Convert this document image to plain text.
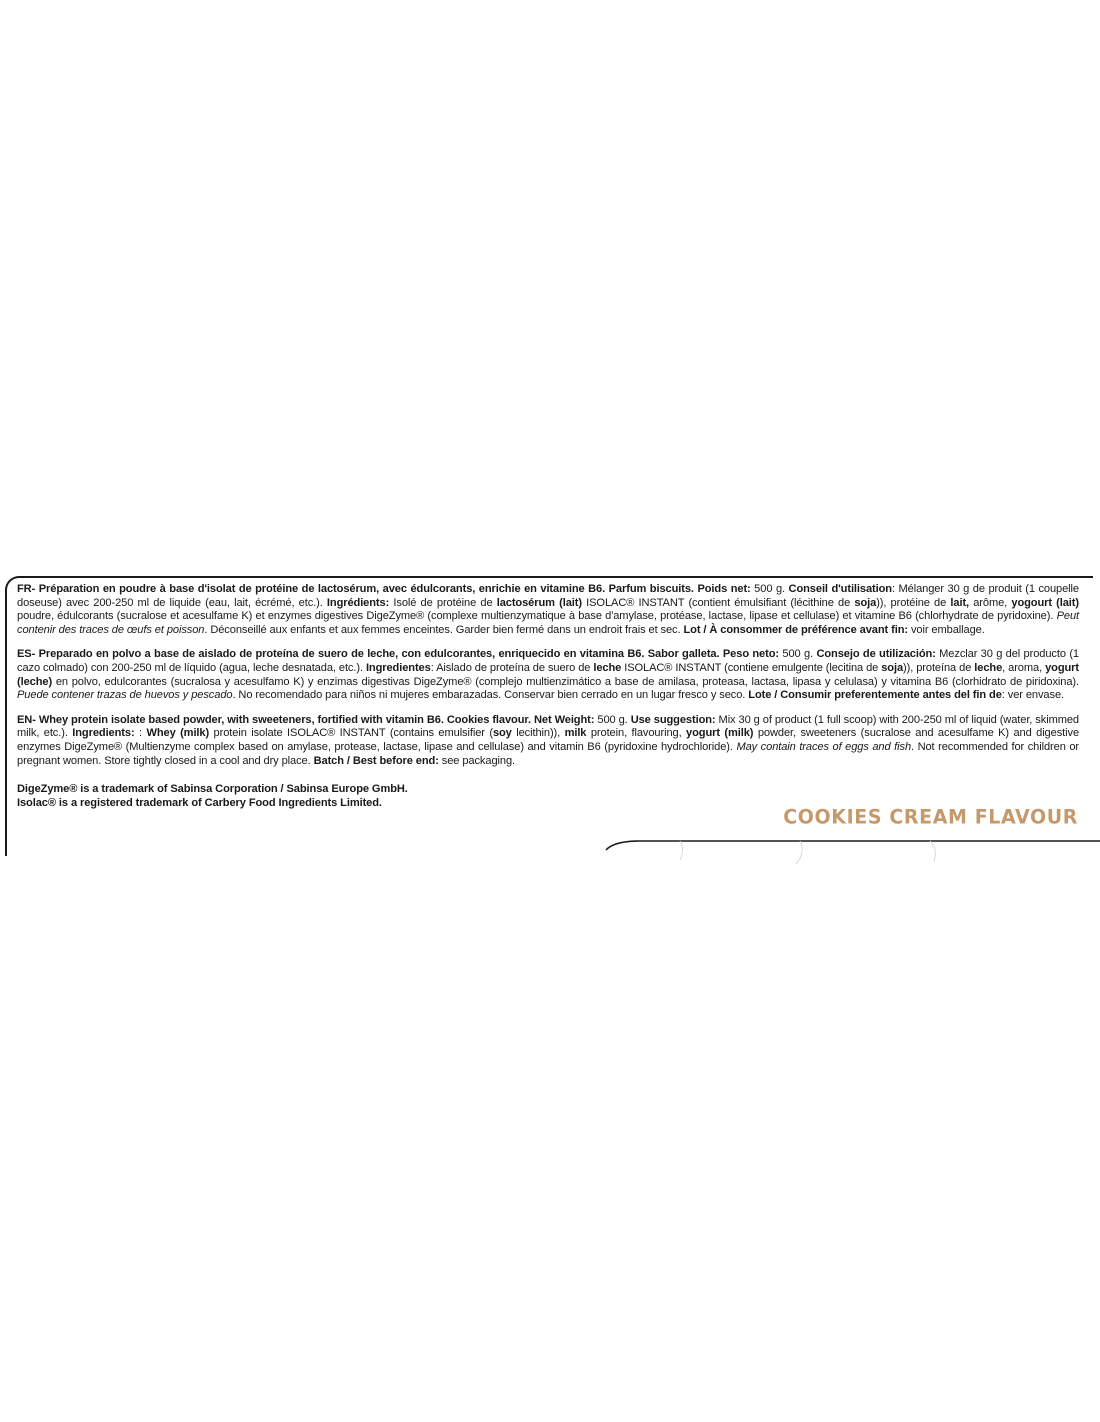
FR- Préparation en poudre à base d'isolat de protéine de lactosérum, avec édulcorants, enrichie en vitamine B6. Parfum biscuits. Poids net: 500 g. Conseil d'utilisation: Mélanger 30 g de produit (1 coupelle doseuse) avec 200-250 ml de liquide (eau, lait, écrémé, etc.). Ingrédients: Isolé de protéine de lactosérum (lait) ISOLAC® INSTANT (contient émulsifiant (lécithine de soja)), protéine de lait, arôme, yogourt (lait) poudre, édulcorants (sucralose et acesulfame K) et enzymes digestives DigeZyme® (complexe multienzymatique à base d'amylase, protéase, lactase, lipase et cellulase) et vitamine B6 (chlorhydrate de pyridoxine). Peut contenir des traces de œufs et poisson. Déconseillé aux enfants et aux femmes enceintes. Garder bien fermé dans un endroit frais et sec. Lot / À consommer de préférence avant fin: voir emballage.

ES- Preparado en polvo a base de aislado de proteína de suero de leche, con edulcorantes, enriquecido en vitamina B6. Sabor galleta. Peso neto: 500 g. Consejo de utilización: Mezclar 30 g del producto (1 cazo colmado) con 200-250 ml de líquido (agua, leche desnatada, etc.). Ingredientes: Aislado de proteína de suero de leche ISOLAC® INSTANT (contiene emulgente (lecitina de soja)), proteína de leche, aroma, yogurt (leche) en polvo, edulcorantes (sucralosa y acesulfamo K) y enzimas digestivas DigeZyme® (complejo multienzimático a base de amilasa, proteasa, lactasa, lipasa y celulasa) y vitamina B6 (clorhidrato de piridoxina). Puede contener trazas de huevos y pescado. No recomendado para niños ni mujeres embarazadas. Conservar bien cerrado en un lugar fresco y seco. Lote / Consumir preferentemente antes del fin de: ver envase.

EN- Whey protein isolate based powder, with sweeteners, fortified with vitamin B6. Cookies flavour. Net Weight: 500 g. Use suggestion: Mix 30 g of product (1 full scoop) with 200-250 ml of liquid (water, skimmed milk, etc.). Ingredients: : Whey (milk) protein isolate ISOLAC® INSTANT (contains emulsifier (soy lecithin)), milk protein, flavouring, yogurt (milk) powder, sweeteners (sucralose and acesulfame K) and digestive enzymes DigeZyme® (Multienzyme complex based on amylase, protease, lactase, lipase and cellulase) and vitamin B6 (pyridoxine hydrochloride). May contain traces of eggs and fish. Not recommended for children or pregnant women. Store tightly closed in a cool and dry place. Batch / Best before end: see packaging.

DigeZyme® is a trademark of Sabinsa Corporation / Sabinsa Europe GmbH.

Isolac® is a registered trademark of Carbery Food Ingredients Limited.

COOKIES CREAM FLAVOUR
